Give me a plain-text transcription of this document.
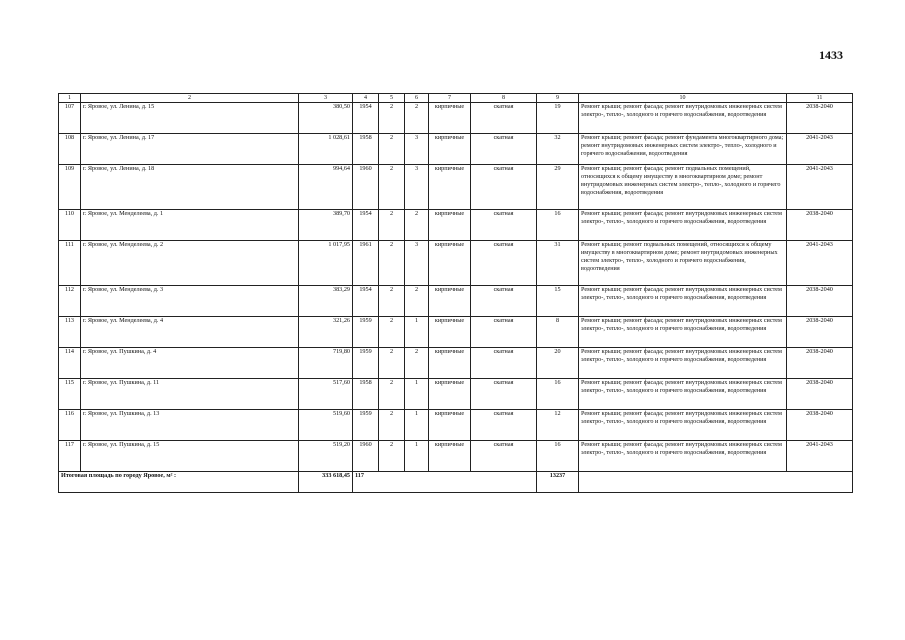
1433
1	2	3	4	5	6	7	8	9	10	11
107	г. Яровое, ул. Ленина, д. 15	380,50	1954	2	2	кирпичные	скатная	19	Ремонт крыши; ремонт фасада; ремонт внутридомовых инженерных систем электро-, тепло-, холодного и горячего водоснабжения, водоотведения	2038-2040
108	г. Яровое, ул. Ленина, д. 17	1 028,61	1958	2	3	кирпичные	скатная	32	Ремонт крыши; ремонт фасада; ремонт фундамента многоквартирного дома; ремонт внутридомовых инженерных систем электро-, тепло-, холодного и горячего водоснабжения, водоотведения	2041-2043
109	г. Яровое, ул. Ленина, д. 18	994,64	1960	2	3	кирпичные	скатная	29	Ремонт крыши; ремонт фасада; ремонт подвальных помещений, относящихся к общему имуществу в многоквартирном доме; ремонт внутридомовых инженерных систем электро-, тепло-, холодного и горячего водоснабжения, водоотведения	2041-2043
110	г. Яровое, ул. Менделеева, д. 1	389,70	1954	2	2	кирпичные	скатная	16	Ремонт крыши; ремонт фасада; ремонт внутридомовых инженерных систем электро-, тепло-, холодного и горячего водоснабжения, водоотведения	2038-2040
111	г. Яровое, ул. Менделеева, д. 2	1 017,95	1961	2	3	кирпичные	скатная	31	Ремонт крыши; ремонт подвальных помещений, относящихся к общему имуществу в многоквартирном доме; ремонт внутридомовых инженерных систем электро-, тепло-, холодного и горячего водоснабжения, водоотведения	2041-2043
112	г. Яровое, ул. Менделеева, д. 3	383,29	1954	2	2	кирпичные	скатная	15	Ремонт крыши; ремонт фасада; ремонт внутридомовых инженерных систем электро-, тепло-, холодного и горячего водоснабжения, водоотведения	2038-2040
113	г. Яровое, ул. Менделеева, д. 4	321,26	1959	2	1	кирпичные	скатная	8	Ремонт крыши; ремонт фасада; ремонт внутридомовых инженерных систем электро-, тепло-, холодного и горячего водоснабжения, водоотведения	2038-2040
114	г. Яровое, ул. Пушкина, д. 4	719,80	1959	2	2	кирпичные	скатная	20	Ремонт крыши; ремонт фасада; ремонт внутридомовых инженерных систем электро-, тепло-, холодного и горячего водоснабжения, водоотведения	2038-2040
115	г. Яровое, ул. Пушкина, д. 11	517,60	1958	2	1	кирпичные	скатная	16	Ремонт крыши; ремонт фасада; ремонт внутридомовых инженерных систем электро-, тепло-, холодного и горячего водоснабжения, водоотведения	2038-2040
116	г. Яровое, ул. Пушкина, д. 13	519,60	1959	2	1	кирпичные	скатная	12	Ремонт крыши; ремонт фасада; ремонт внутридомовых инженерных систем электро-, тепло-, холодного и горячего водоснабжения, водоотведения	2038-2040
117	г. Яровое, ул. Пушкина, д. 15	519,20	1960	2	1	кирпичные	скатная	16	Ремонт крыши; ремонт фасада; ремонт внутридомовых инженерных систем электро-, тепло-, холодного и горячего водоснабжения, водоотведения	2041-2043
Итоговая площадь по городу Яровое, м² :		333 618,45	117					13237		
